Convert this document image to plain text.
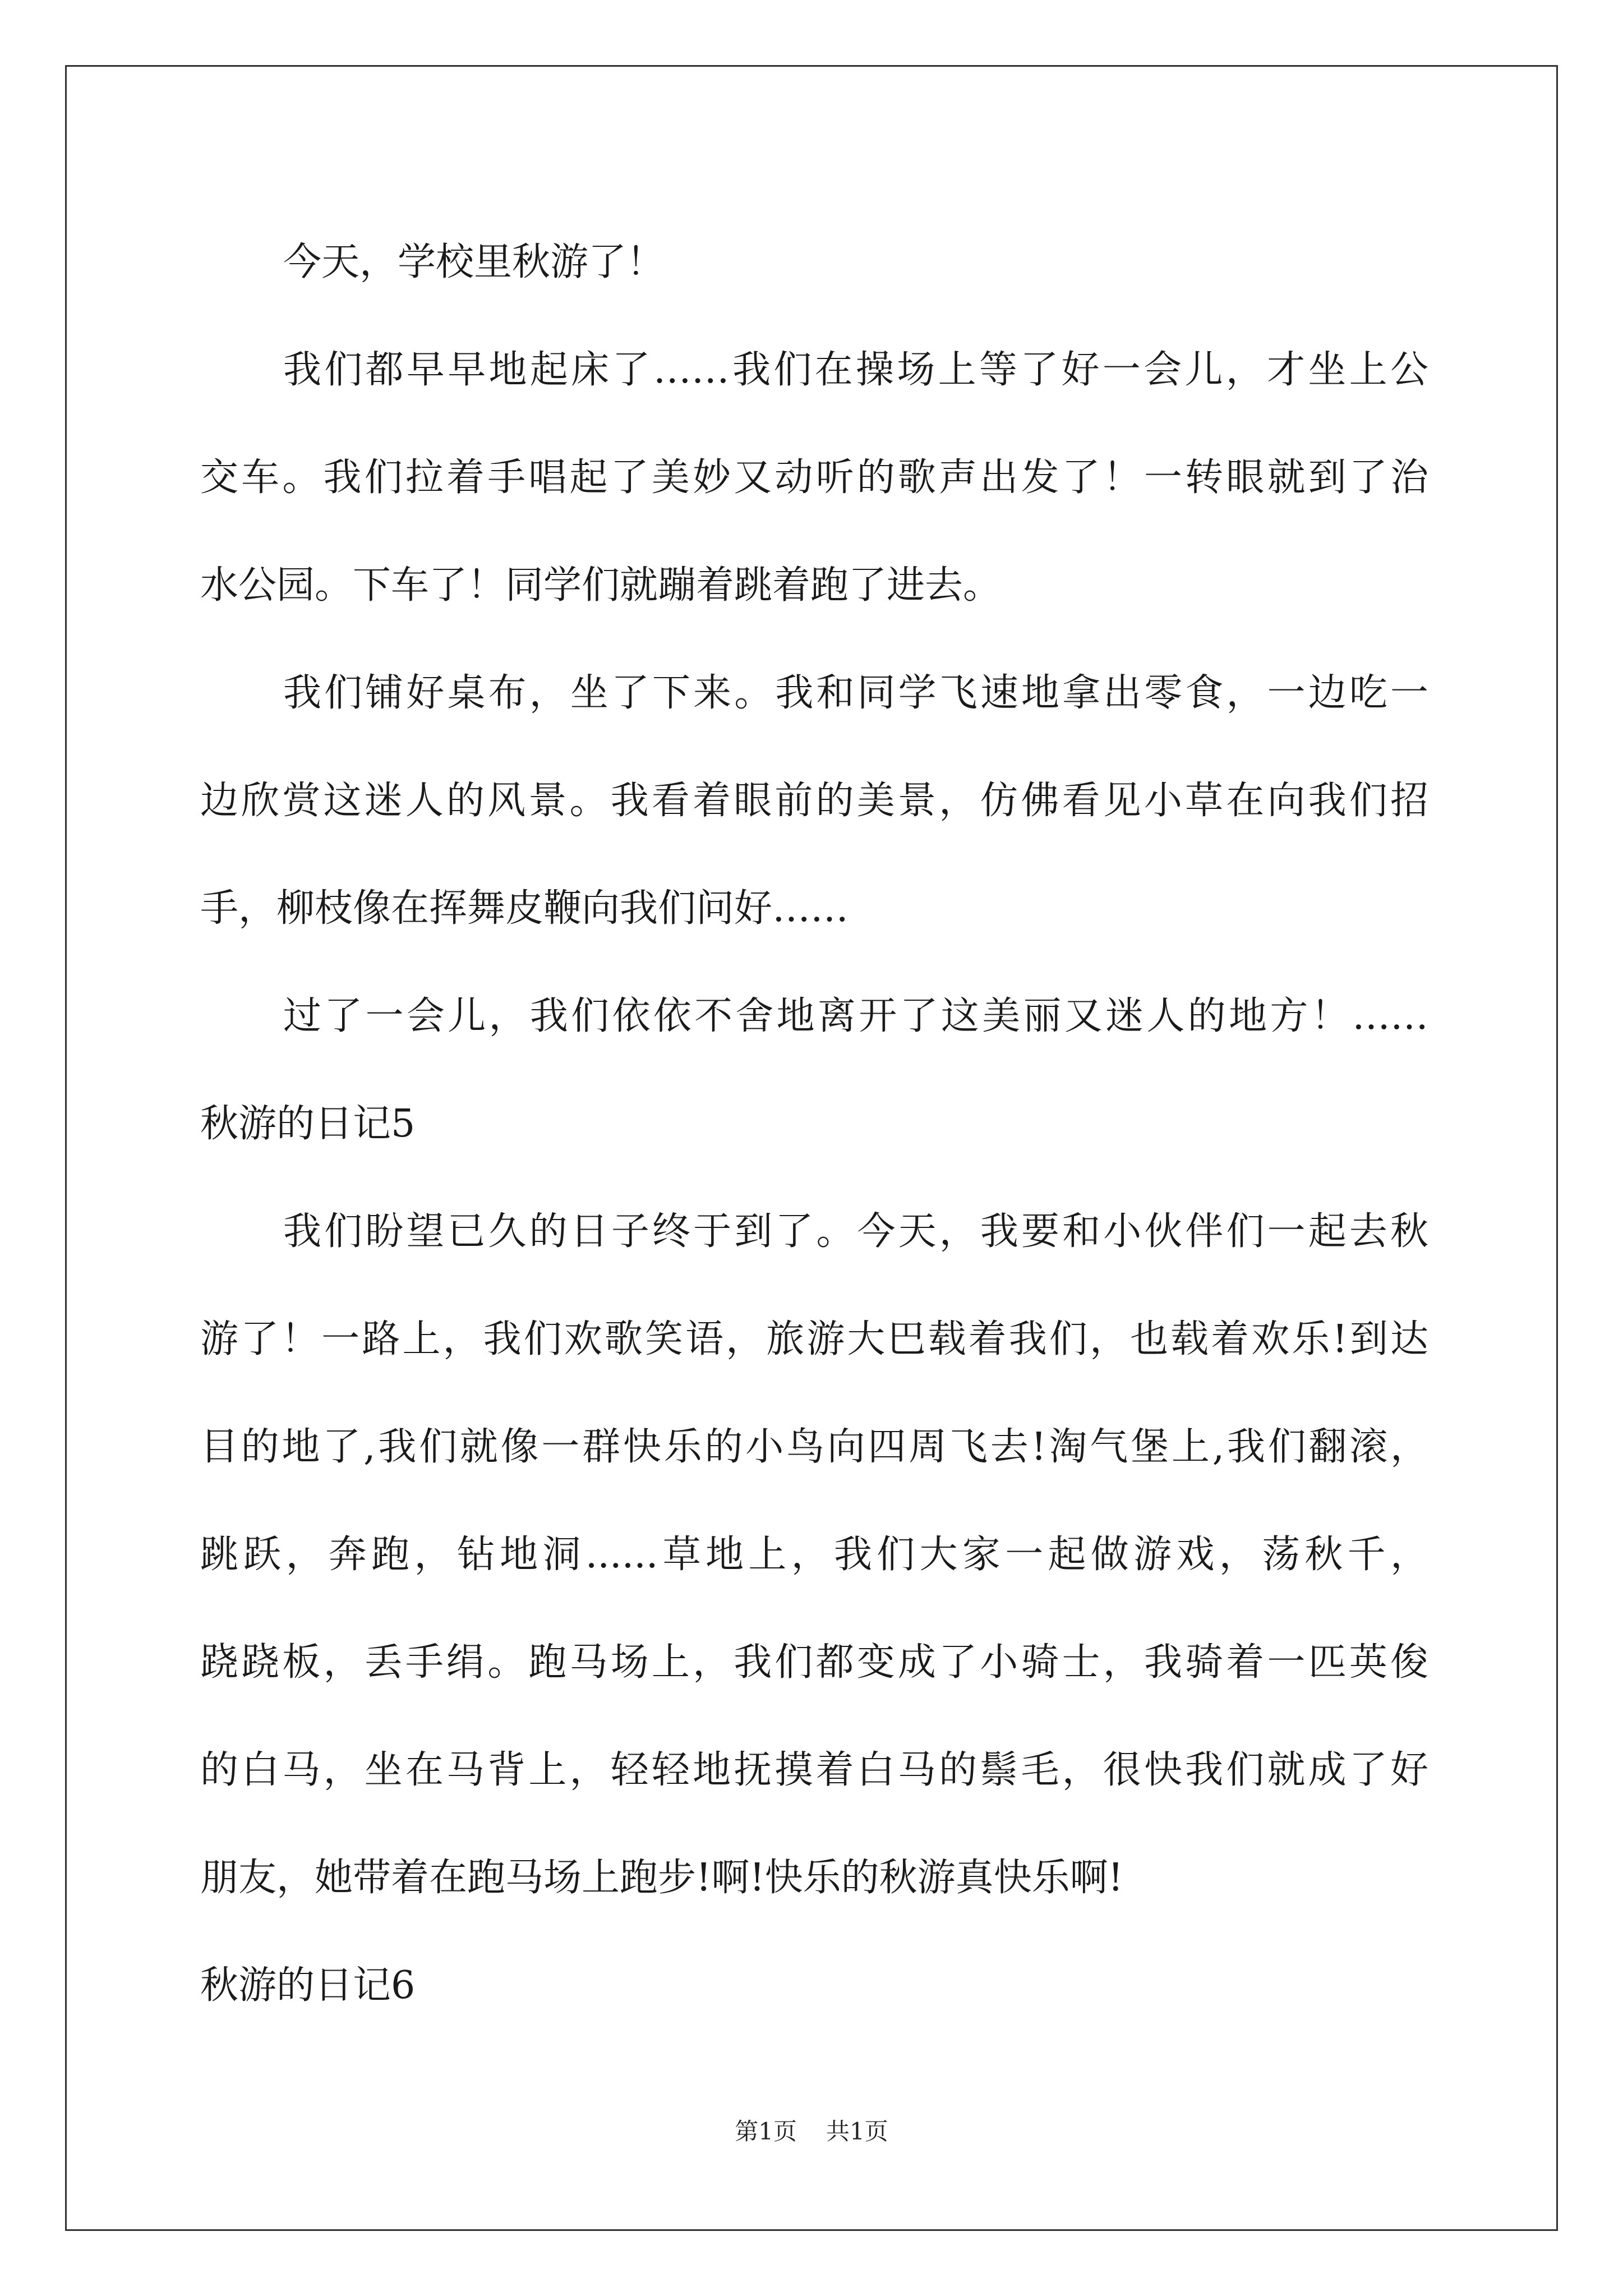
今天，学校里秋游了！
我们都早早地起床了……我们在操场上等了好一会儿，才坐上公
交车。我们拉着手唱起了美妙又动听的歌声出发了！一转眼就到了治
水公园。下车了！同学们就蹦着跳着跑了进去。
我们铺好桌布，坐了下来。我和同学飞速地拿出零食，一边吃一
边欣赏这迷人的风景。我看着眼前的美景，仿佛看见小草在向我们招
手，柳枝像在挥舞皮鞭向我们问好……
过了一会儿，我们依依不舍地离开了这美丽又迷人的地方！……
秋游的日记5
我们盼望已久的日子终于到了。今天，我要和小伙伴们一起去秋
游了！一路上，我们欢歌笑语，旅游大巴载着我们，也载着欢乐!到达
目的地了,我们就像一群快乐的小鸟向四周飞去!淘气堡上,我们翻滚，
跳跃，奔跑，钻地洞......草地上，我们大家一起做游戏，荡秋千，
跷跷板，丢手绢。跑马场上，我们都变成了小骑士，我骑着一匹英俊
的白马，坐在马背上，轻轻地抚摸着白马的鬃毛，很快我们就成了好
朋友，她带着在跑马场上跑步!啊!快乐的秋游真快乐啊!
秋游的日记6
第1页 共1页
